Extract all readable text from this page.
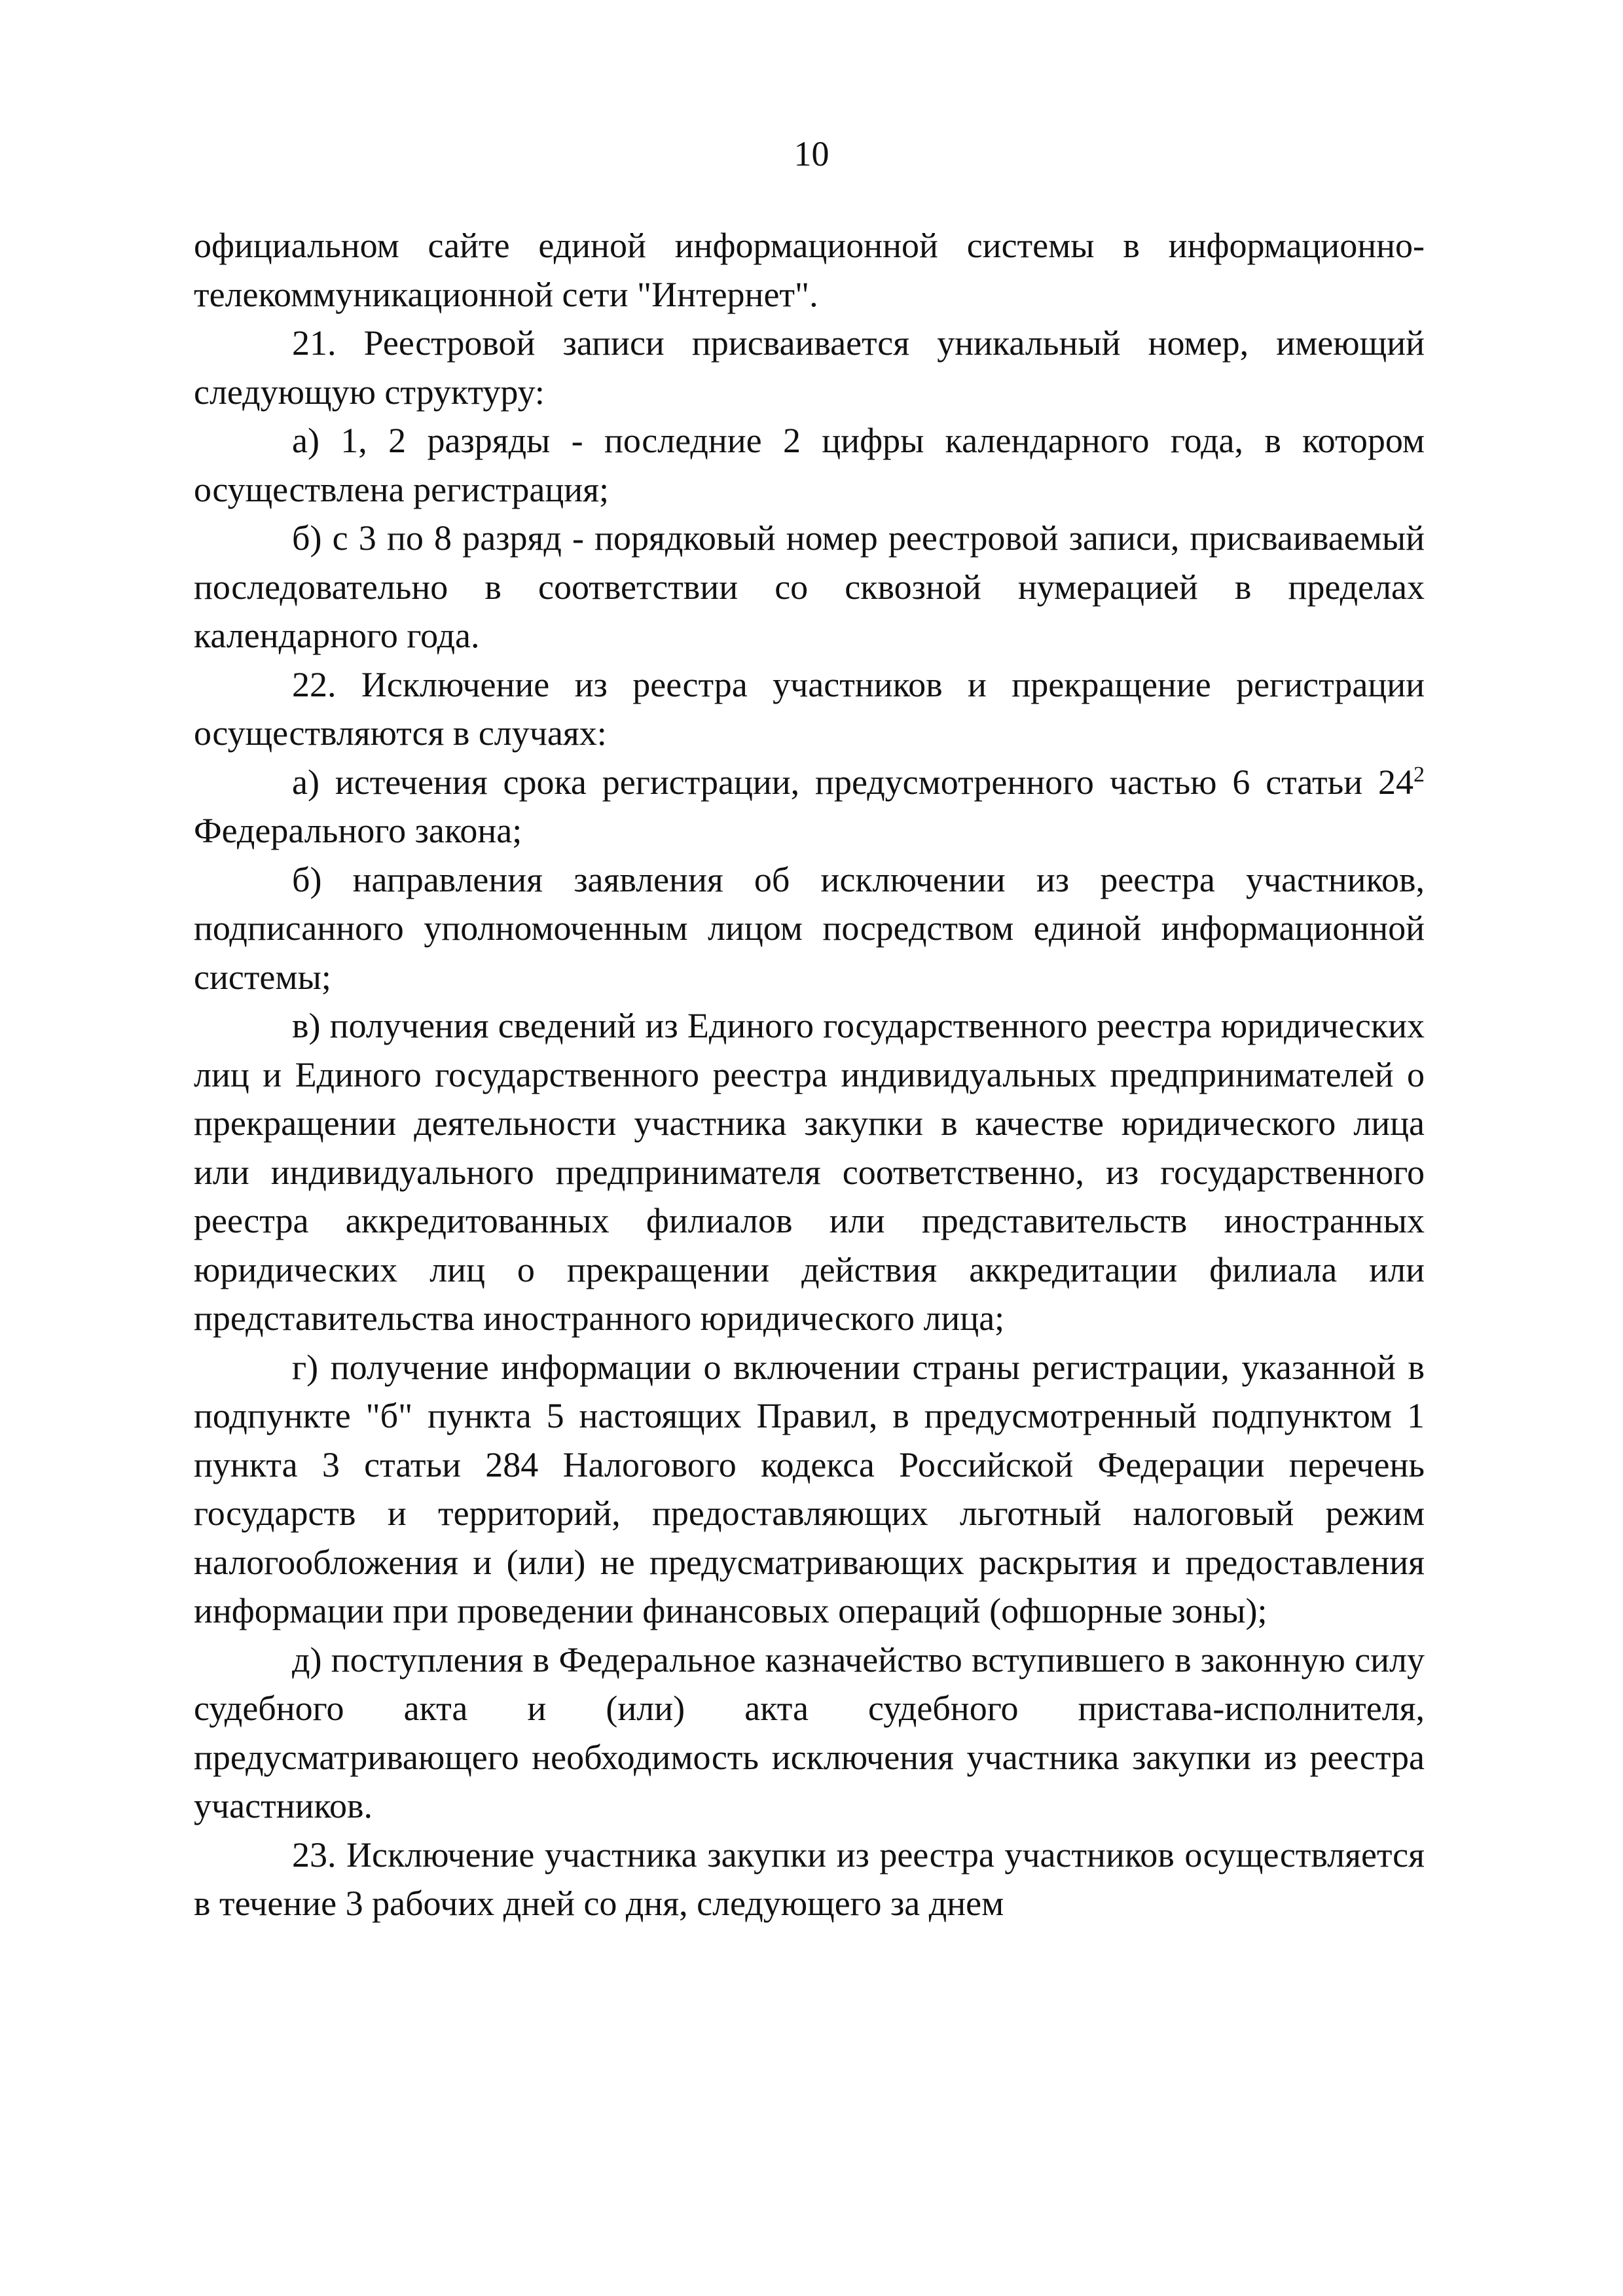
10

официальном сайте единой информационной системы в информационно-телекоммуникационной сети "Интернет".

21. Реестровой записи присваивается уникальный номер, имеющий следующую структуру:

а) 1, 2 разряды - последние 2 цифры календарного года, в котором осуществлена регистрация;

б) с 3 по 8 разряд - порядковый номер реестровой записи, присваиваемый последовательно в соответствии со сквозной нумерацией в пределах календарного года.

22. Исключение из реестра участников и прекращение регистрации осуществляются в случаях:

а) истечения срока регистрации, предусмотренного частью 6 статьи $24^2$ Федерального закона;

б) направления заявления об исключении из реестра участников, подписанного уполномоченным лицом посредством единой информационной системы;

в) получения сведений из Единого государственного реестра юридических лиц и Единого государственного реестра индивидуальных предпринимателей о прекращении деятельности участника закупки в качестве юридического лица или индивидуального предпринимателя соответственно, из государственного реестра аккредитованных филиалов или представительств иностранных юридических лиц о прекращении действия аккредитации филиала или представительства иностранного юридического лица;

г) получение информации о включении страны регистрации, указанной в подпункте "б" пункта 5 настоящих Правил, в предусмотренный подпунктом 1 пункта 3 статьи 284 Налогового кодекса Российской Федерации перечень государств и территорий, предоставляющих льготный налоговый режим налогообложения и (или) не предусматривающих раскрытия и предоставления информации при проведении финансовых операций (офшорные зоны);

д) поступления в Федеральное казначейство вступившего в законную силу судебного акта и (или) акта судебного пристава-исполнителя, предусматривающего необходимость исключения участника закупки из реестра участников.

23. Исключение участника закупки из реестра участников осуществляется в течение 3 рабочих дней со дня, следующего за днем
